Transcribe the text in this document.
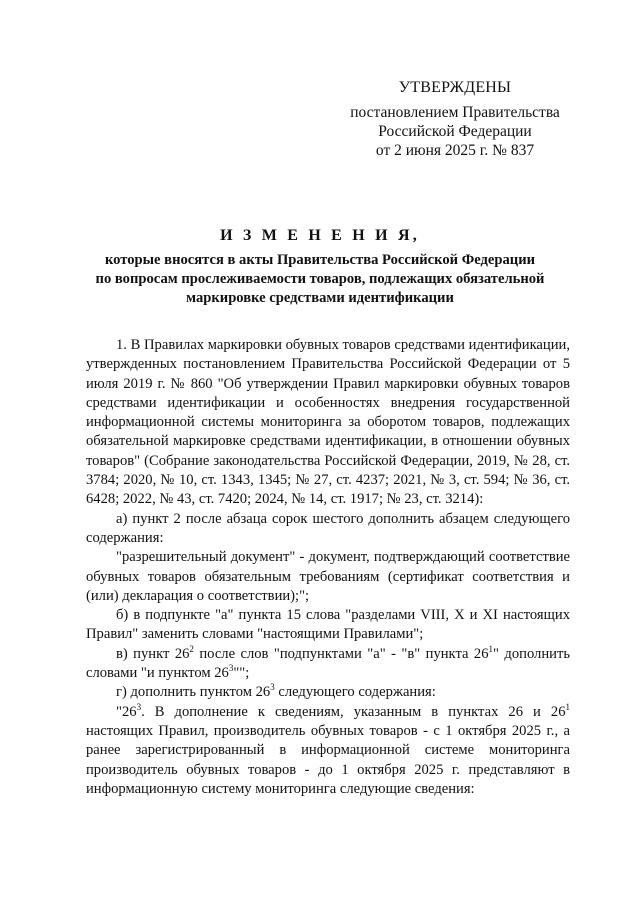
УТВЕРЖДЕНЫ
постановлением Правительства
Российской Федерации
от 2 июня 2025 г. № 837
И З М Е Н Е Н И Я,
которые вносятся в акты Правительства Российской Федерации
по вопросам прослеживаемости товаров, подлежащих обязательной
маркировке средствами идентификации

1. В Правилах маркировки обувных товаров средствами идентификации, утвержденных постановлением Правительства Российской Федерации от 5 июля 2019 г. № 860 "Об утверждении Правил маркировки обувных товаров средствами идентификации и особенностях внедрения государственной информационной системы мониторинга за оборотом товаров, подлежащих обязательной маркировке средствами идентификации, в отношении обувных товаров" (Собрание законодательства Российской Федерации, 2019, № 28, ст. 3784; 2020, № 10, ст. 1343, 1345; № 27, ст. 4237; 2021, № 3, ст. 594; № 36, ст. 6428; 2022, № 43, ст. 7420; 2024, № 14, ст. 1917; № 23, ст. 3214):

а) пункт 2 после абзаца сорок шестого дополнить абзацем следующего содержания:

"разрешительный документ" - документ, подтверждающий соответствие обувных товаров обязательным требованиям (сертификат соответствия и (или) декларация о соответствии);";

б) в подпункте "а" пункта 15 слова "разделами VIII, X и XI настоящих Правил" заменить словами "настоящими Правилами";

в) пункт $26^2$ после слов "подпунктами "а" - "в" пункта $26^1$" дополнить словами "и пунктом $26^3$"";

г) дополнить пунктом $26^3$ следующего содержания:

"$26^3$. В дополнение к сведениям, указанным в пунктах 26 и $26^1$ настоящих Правил, производитель обувных товаров - с 1 октября 2025 г., а ранее зарегистрированный в информационной системе мониторинга производитель обувных товаров - до 1 октября 2025 г. представляют в информационную систему мониторинга следующие сведения:
